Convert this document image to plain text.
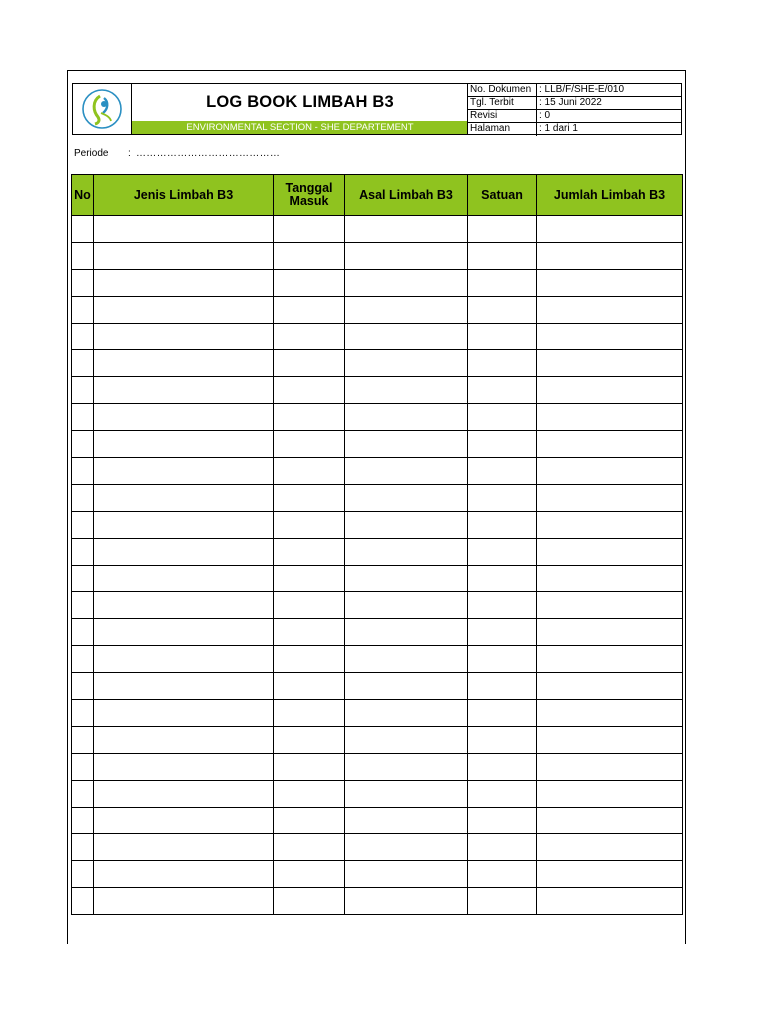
LOG BOOK LIMBAH B3
ENVIRONMENTAL SECTION - SHE DEPARTEMENT
No. Dokumen : LLB/F/SHE-E/010
Tgl. Terbit	: 15 Juni 2022
Revisi	: 0
Halaman	: 1 dari 1
Periode : ……………………………………
No	Jenis Limbah B3	Tanggal Masuk	Asal Limbah B3	Satuan	Jumlah Limbah B3
